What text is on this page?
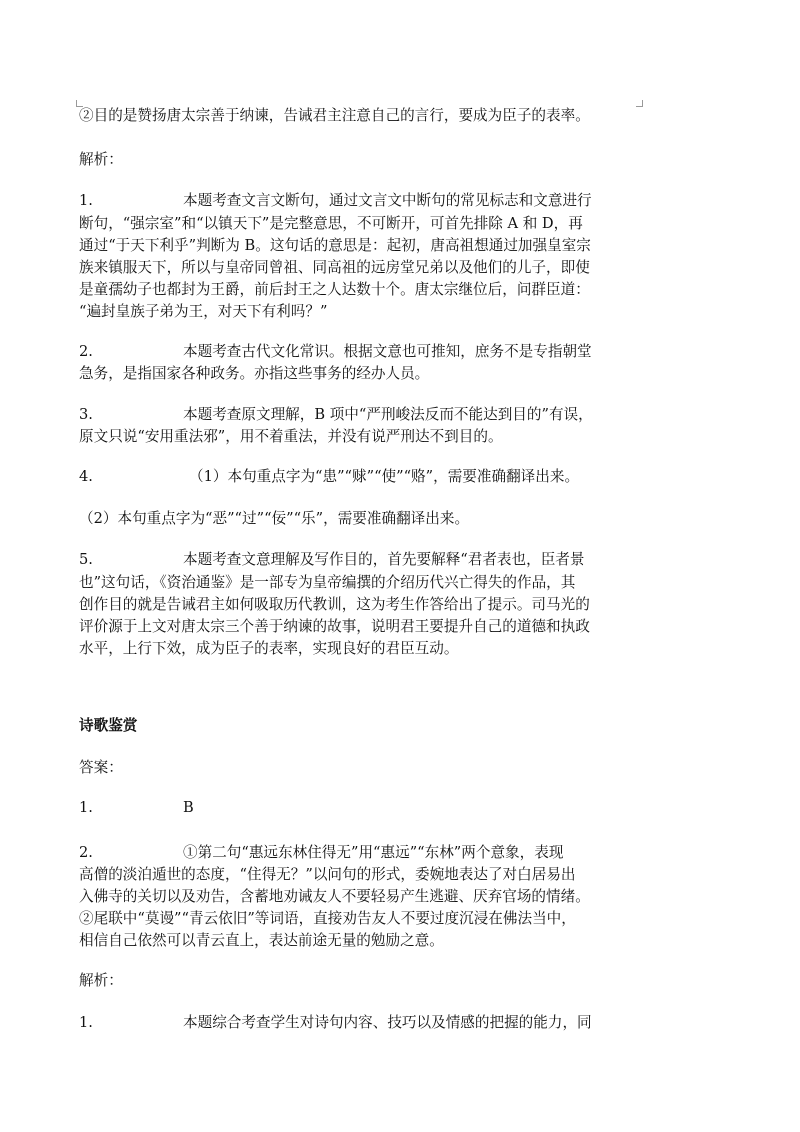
②目的是赞扬唐太宗善于纳谏，告诫君主注意自己的言行，要成为臣子的表率。
解析：
1.	本题考查文言文断句，通过文言文中断句的常见标志和文意进行
断句，“强宗室”和“以镇天下”是完整意思，不可断开，可首先排除 A 和 D，再
通过“于天下利乎”判断为 B。这句话的意思是：起初，唐高祖想通过加强皇室宗
族来镇服天下，所以与皇帝同曾祖、同高祖的远房堂兄弟以及他们的儿子，即使
是童孺幼子也都封为王爵，前后封王之人达数十个。唐太宗继位后，问群臣道：
“遍封皇族子弟为王，对天下有利吗？”
2.	本题考查古代文化常识。根据文意也可推知，庶务不是专指朝堂
急务，是指国家各种政务。亦指这些事务的经办人员。
3.	本题考查原文理解，B 项中“严刑峻法反而不能达到目的”有误，
原文只说“安用重法邪”，用不着重法，并没有说严刑达不到目的。
4.	（1）本句重点字为“患”“赇”“使”“赂”，需要准确翻译出来。
（2）本句重点字为“恶”“过”“佞”“乐”，需要准确翻译出来。
5.	本题考查文意理解及写作目的，首先要解释“君者表也，臣者景
也”这句话，《资治通鉴》是一部专为皇帝编撰的介绍历代兴亡得失的作品，其
创作目的就是告诫君主如何吸取历代教训，这为考生作答给出了提示。司马光的
评价源于上文对唐太宗三个善于纳谏的故事，说明君王要提升自己的道德和执政
水平，上行下效，成为臣子的表率，实现良好的君臣互动。
诗歌鉴赏
答案：
1.	B
2.	①第二句“惠远东林住得无”用“惠远”“东林”两个意象，表现
高僧的淡泊遁世的态度，“住得无？”以问句的形式，委婉地表达了对白居易出
入佛寺的关切以及劝告，含蓄地劝诫友人不要轻易产生逃避、厌弃官场的情绪。
②尾联中“莫谩”“青云依旧”等词语，直接劝告友人不要过度沉浸在佛法当中，
相信自己依然可以青云直上，表达前途无量的勉励之意。
解析：
1.	本题综合考查学生对诗句内容、技巧以及情感的把握的能力，同
